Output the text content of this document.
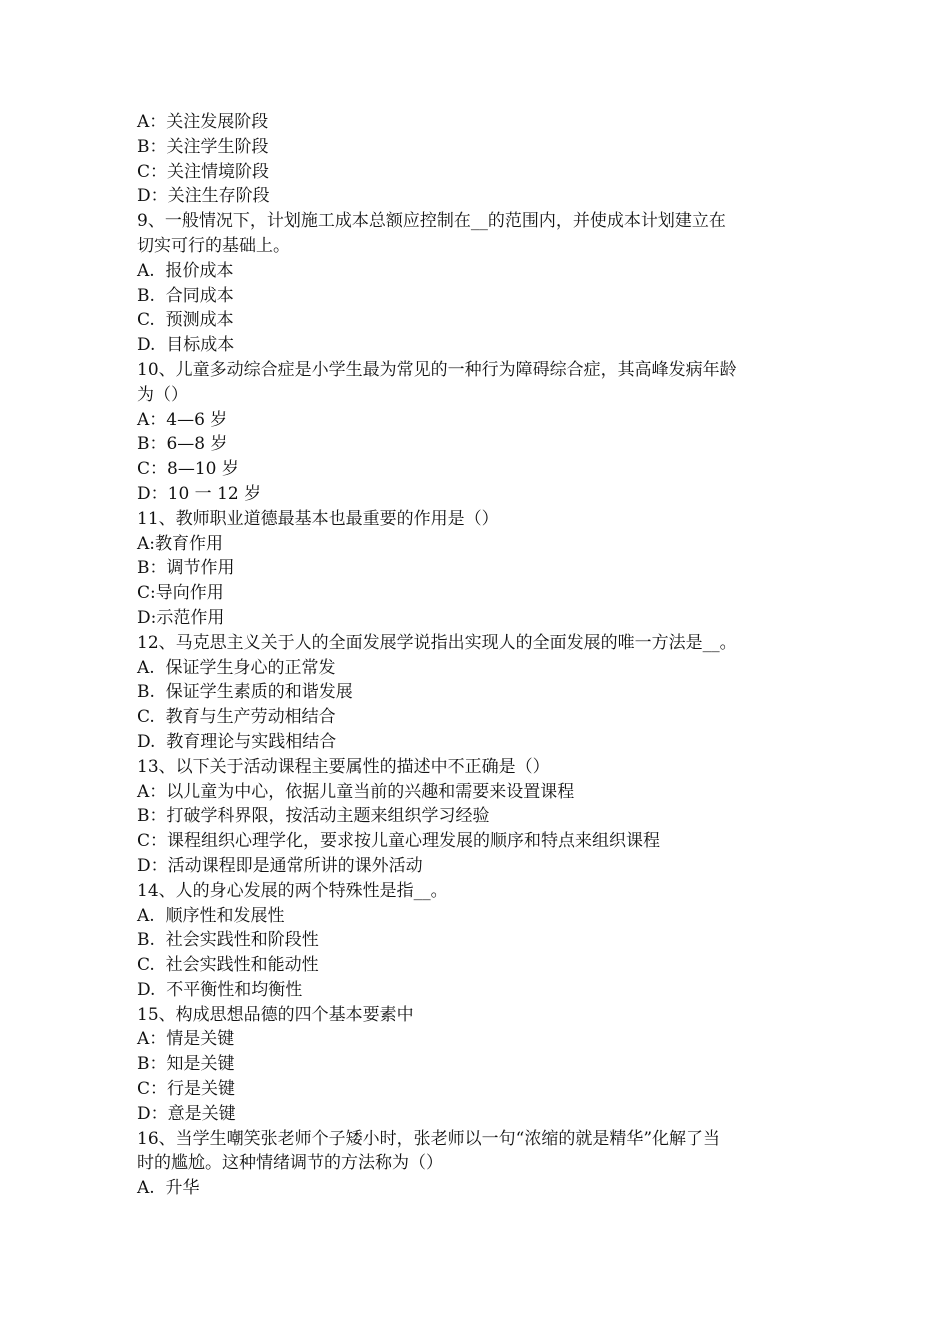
A：关注发展阶段
B：关注学生阶段
C：关注情境阶段
D：关注生存阶段
9、一般情况下，计划施工成本总额应控制在__的范围内，并使成本计划建立在
切实可行的基础上。
A.  报价成本
B.  合同成本
C.  预测成本
D.  目标成本
10、儿童多动综合症是小学生最为常见的一种行为障碍综合症，其高峰发病年龄
为（）
A：4—6 岁
B：6—8 岁
C：8—10 岁
D：10 一 12 岁
11、教师职业道德最基本也最重要的作用是（）
A:教育作用
B：调节作用
C:导向作用
D:示范作用
12、马克思主义关于人的全面发展学说指出实现人的全面发展的唯一方法是__。
A.  保证学生身心的正常发
B.  保证学生素质的和谐发展
C.  教育与生产劳动相结合
D.  教育理论与实践相结合
13、以下关于活动课程主要属性的描述中不正确是（）
A：以儿童为中心，依据儿童当前的兴趣和需要来设置课程
B：打破学科界限，按活动主题来组织学习经验
C：课程组织心理学化，要求按儿童心理发展的顺序和特点来组织课程
D：活动课程即是通常所讲的课外活动
14、人的身心发展的两个特殊性是指__。
A.  顺序性和发展性
B.  社会实践性和阶段性
C.  社会实践性和能动性
D.  不平衡性和均衡性
15、构成思想品德的四个基本要素中
A：情是关键
B：知是关键
C：行是关键
D：意是关键
16、当学生嘲笑张老师个子矮小时，张老师以一句“浓缩的就是精华”化解了当
时的尴尬。这种情绪调节的方法称为（）
A.  升华
